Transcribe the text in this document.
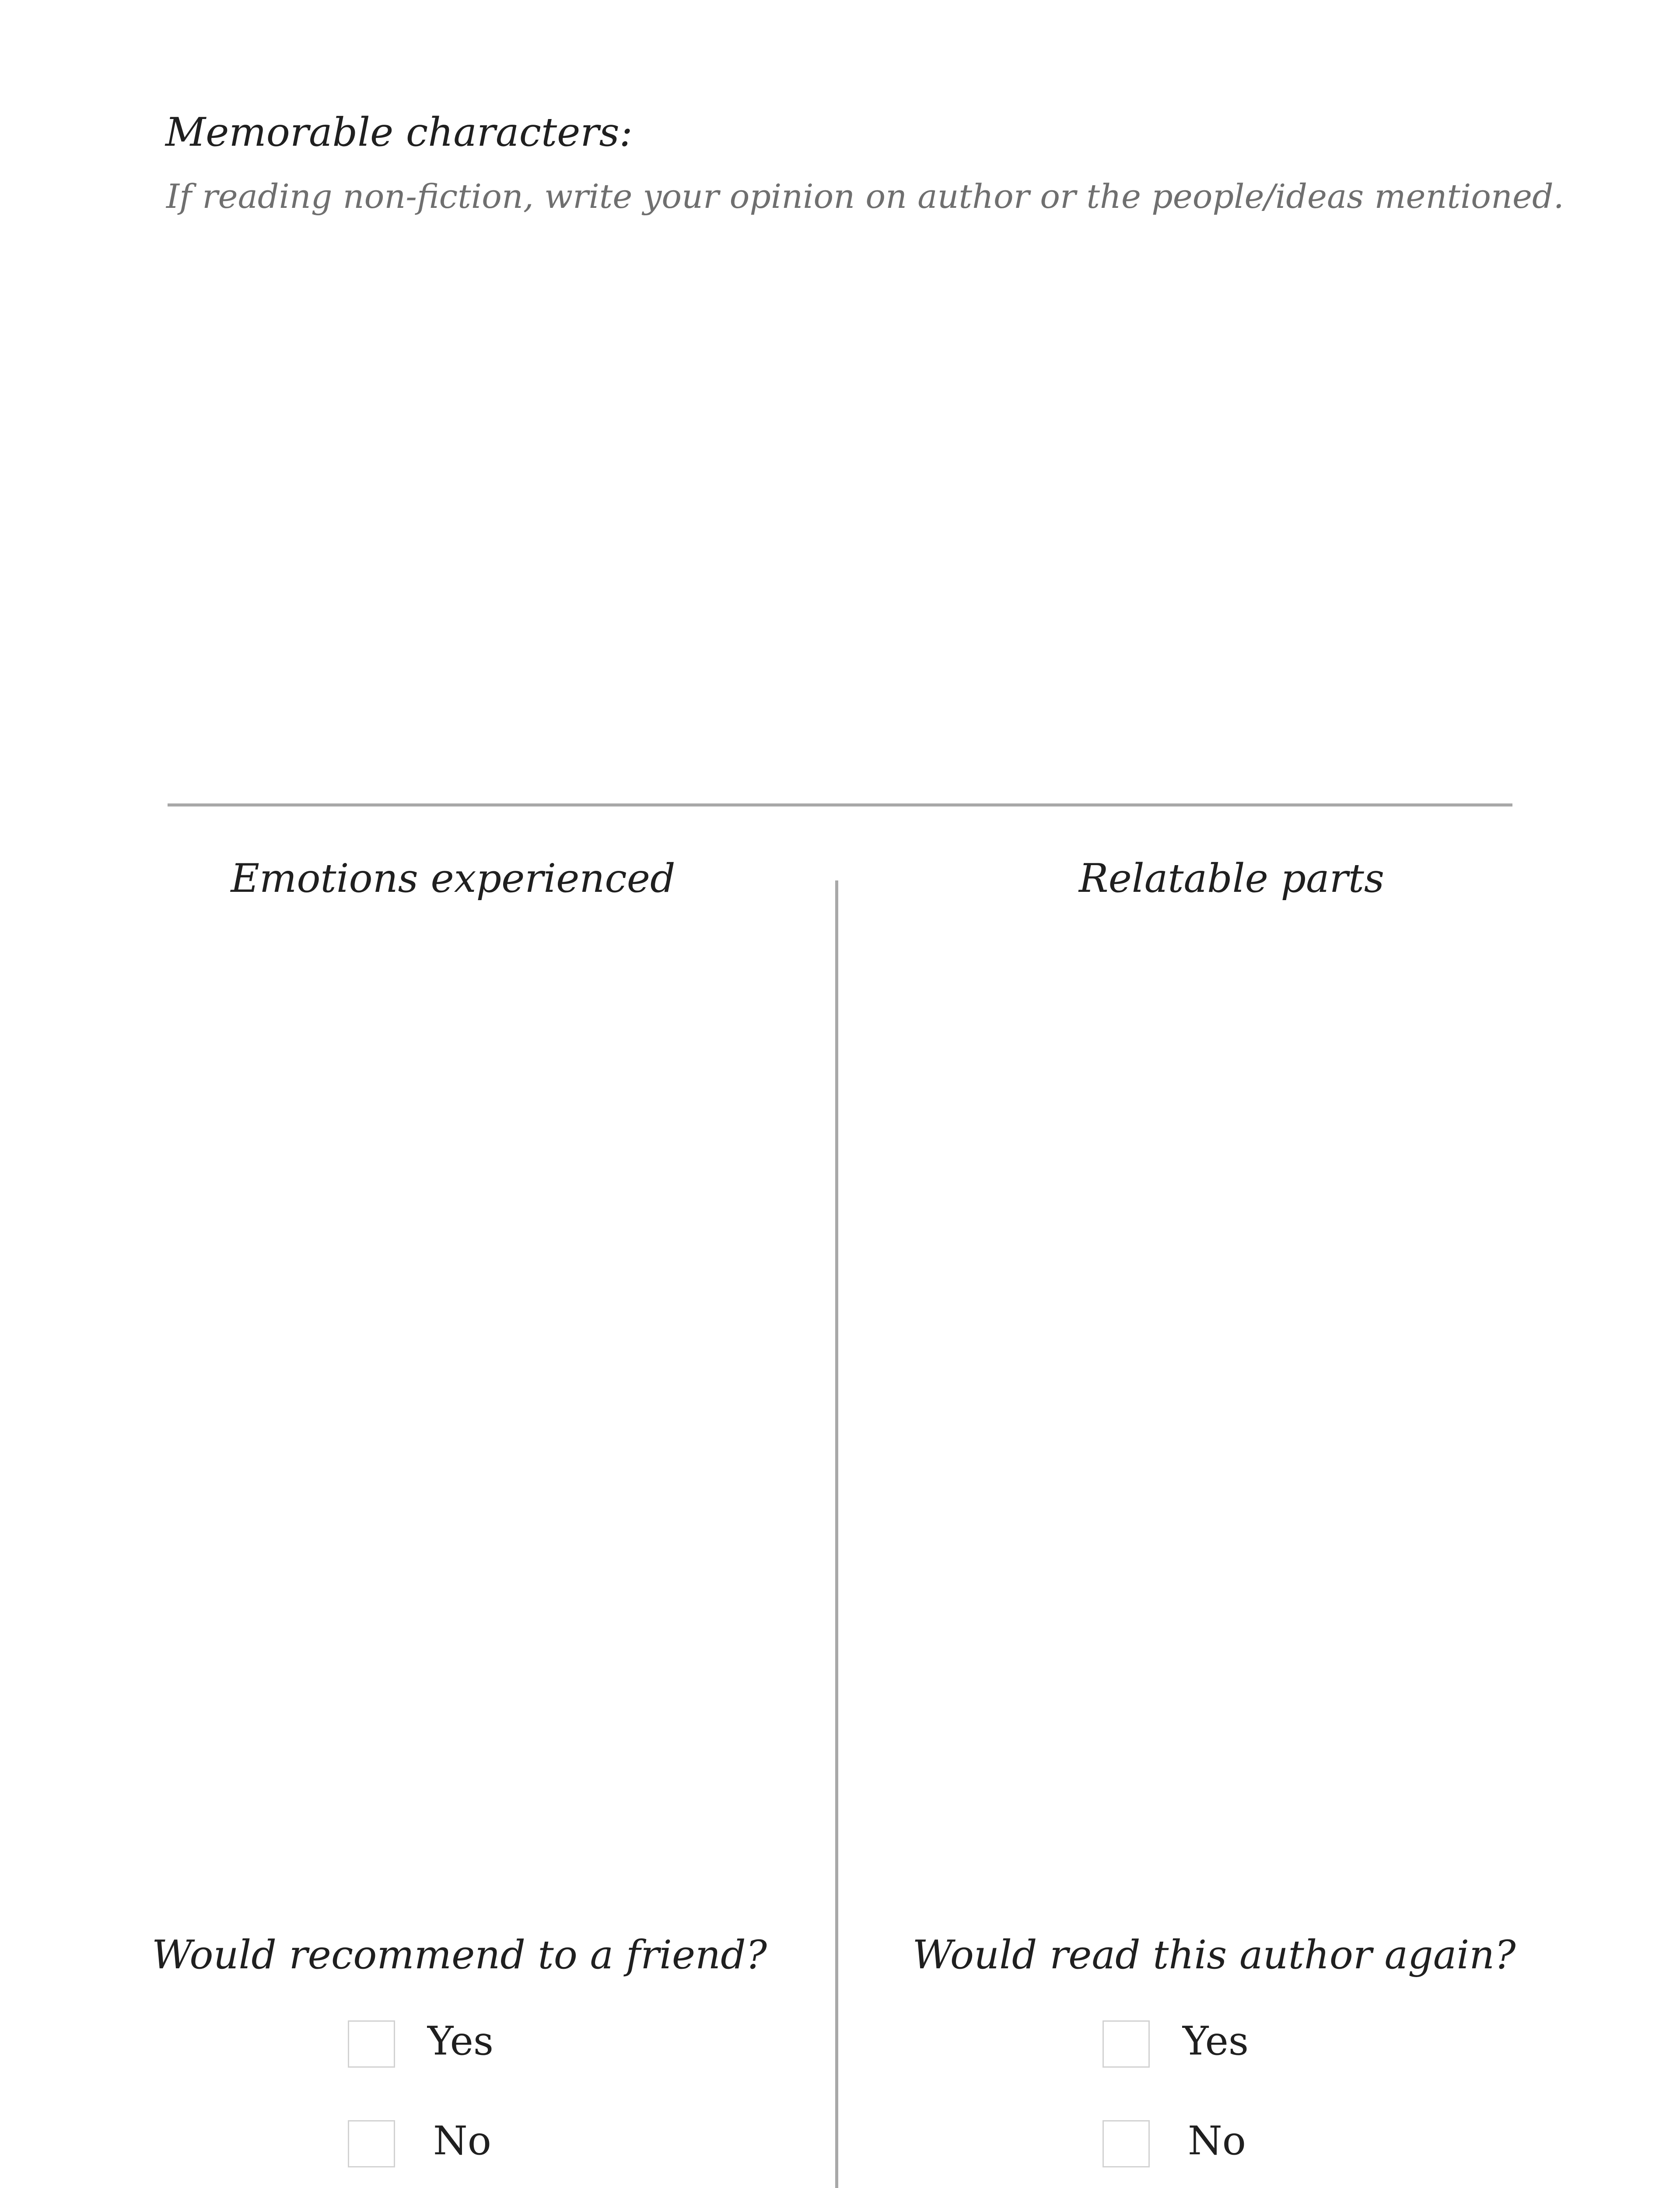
Memorable characters:
If reading non-fiction, write your opinion on author or the people/ideas mentioned.
Emotions experienced	Relatable parts
Would recommend to a friend?
Yes
No
Would read this author again?
Yes
No
